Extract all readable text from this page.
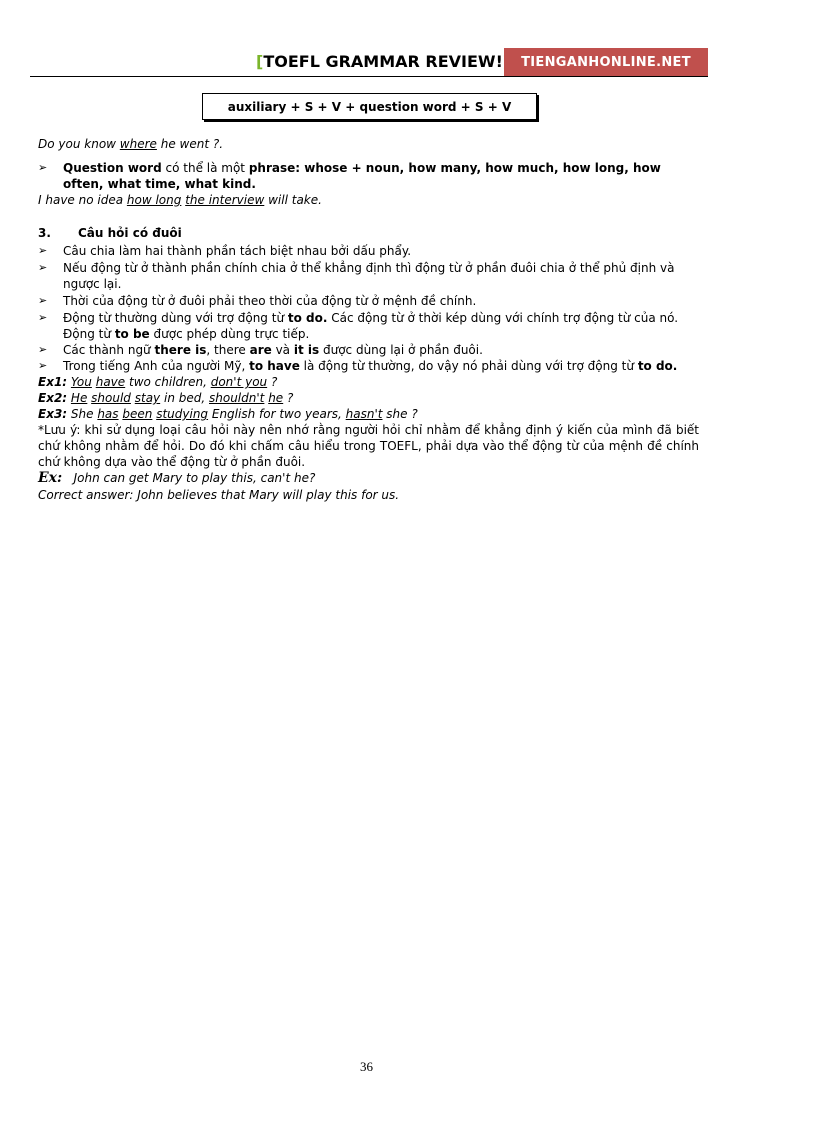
[TOEFL GRAMMAR REVIEW!	TIENGANHONLINE.NET
auxiliary + S + V + question word + S + V
Do you know where he went ?.
➢ Question word có thể là một phrase: whose + noun, how many, how much, how long, how
often, what time, what kind.
I have no idea how long the interview will take.
3. Câu hỏi có đuôi
➢ Câu chia làm hai thành phần tách biệt nhau bởi dấu phẩy.
➢ Nếu động từ ở thành phần chính chia ở thể khẳng định thì động từ ở phần đuôi chia ở thể phủ định và
ngược lại.
➢ Thời của động từ ở đuôi phải theo thời của động từ ở mệnh đề chính.
➢ Động từ thường dùng với trợ động từ to do. Các động từ ở thời kép dùng với chính trợ động từ của nó.
Động từ to be được phép dùng trực tiếp.
➢ Các thành ngữ there is, there are và it is được dùng lại ở phần đuôi.
➢ Trong tiếng Anh của người Mỹ, to have là động từ thường, do vậy nó phải dùng với trợ động từ to do.
Ex1: You have two children, don't you ?
Ex2: He should stay in bed, shouldn't he ?
Ex3: She has been studying English for two years, hasn't she ?
*Lưu ý: khi sử dụng loại câu hỏi này nên nhớ rằng người hỏi chỉ nhằm để khẳng định ý kiến của mình đã biết chứ không nhằm để hỏi. Do đó khi chấm câu hiểu trong TOEFL, phải dựa vào thể động từ của mệnh đề chính chứ không dựa vào thể động từ ở phần đuôi.
Ex: John can get Mary to play this, can't he?
Correct answer: John believes that Mary will play this for us.
36
